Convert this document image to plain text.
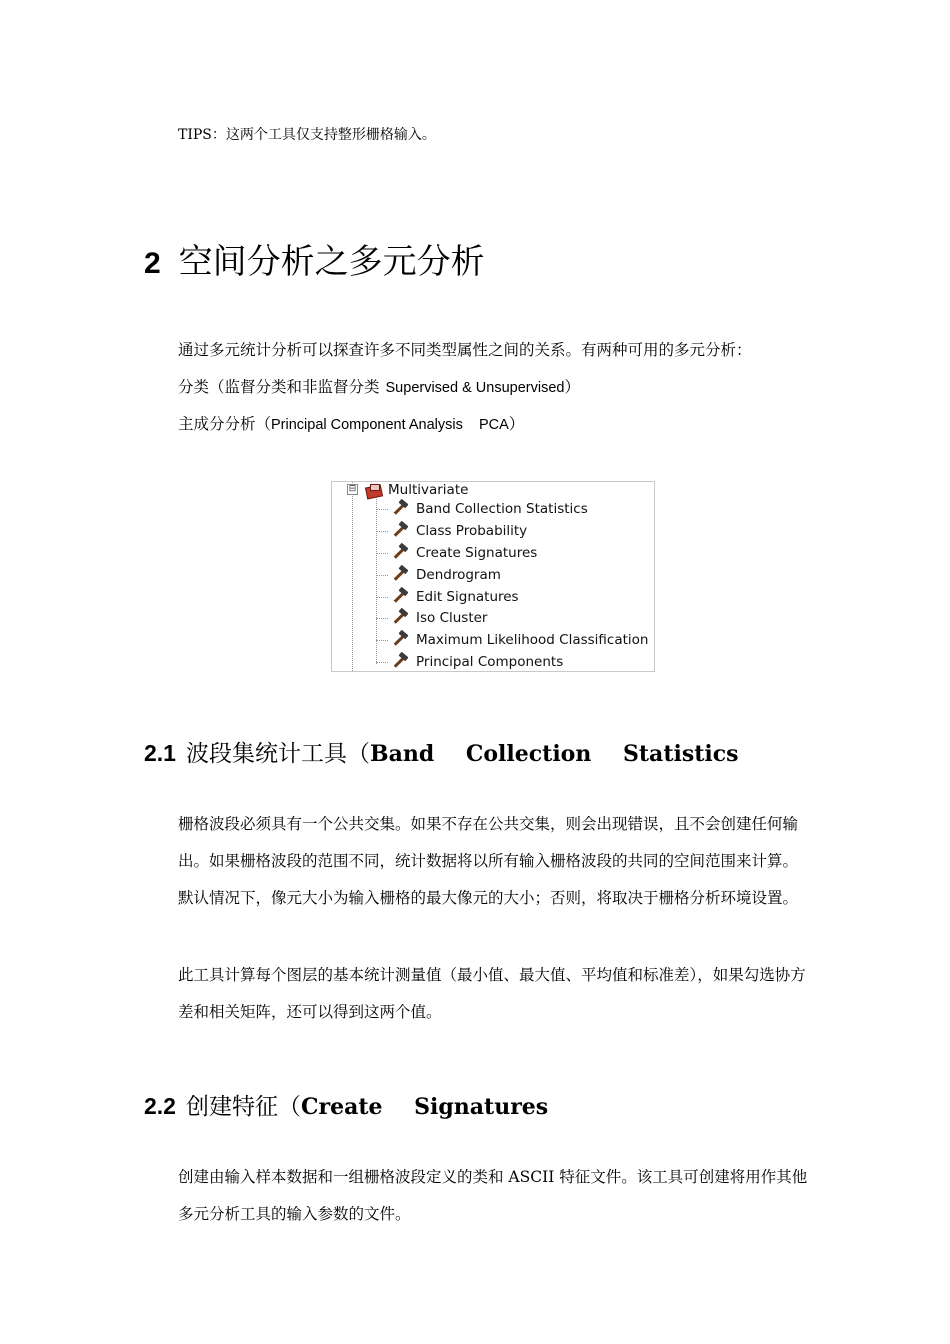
TIPS：这两个工具仅支持整形栅格输入。
2 空间分析之多元分析
通过多元统计分析可以探查许多不同类型属性之间的关系。有两种可用的多元分析：
分类（监督分类和非监督分类 Supervised & Unsupervised）
主成分分析（Principal Component Analysis    PCA）
⊟ Multivariate
Band Collection Statistics
Class Probability
Create Signatures
Dendrogram
Edit Signatures
Iso Cluster
Maximum Likelihood Classification
Principal Components
2.1 波段集统计工具（Band Collection Statistics
栅格波段必须具有一个公共交集。如果不存在公共交集，则会出现错误，且不会创建任何输出。如果栅格波段的范围不同，统计数据将以所有输入栅格波段的共同的空间范围来计算。默认情况下，像元大小为输入栅格的最大像元的大小；否则，将取决于栅格分析环境设置。
此工具计算每个图层的基本统计测量值（最小值、最大值、平均值和标准差），如果勾选协方差和相关矩阵，还可以得到这两个值。
2.2 创建特征（Create Signatures
创建由输入样本数据和一组栅格波段定义的类和 ASCII 特征文件。该工具可创建将用作其他多元分析工具的输入参数的文件。
